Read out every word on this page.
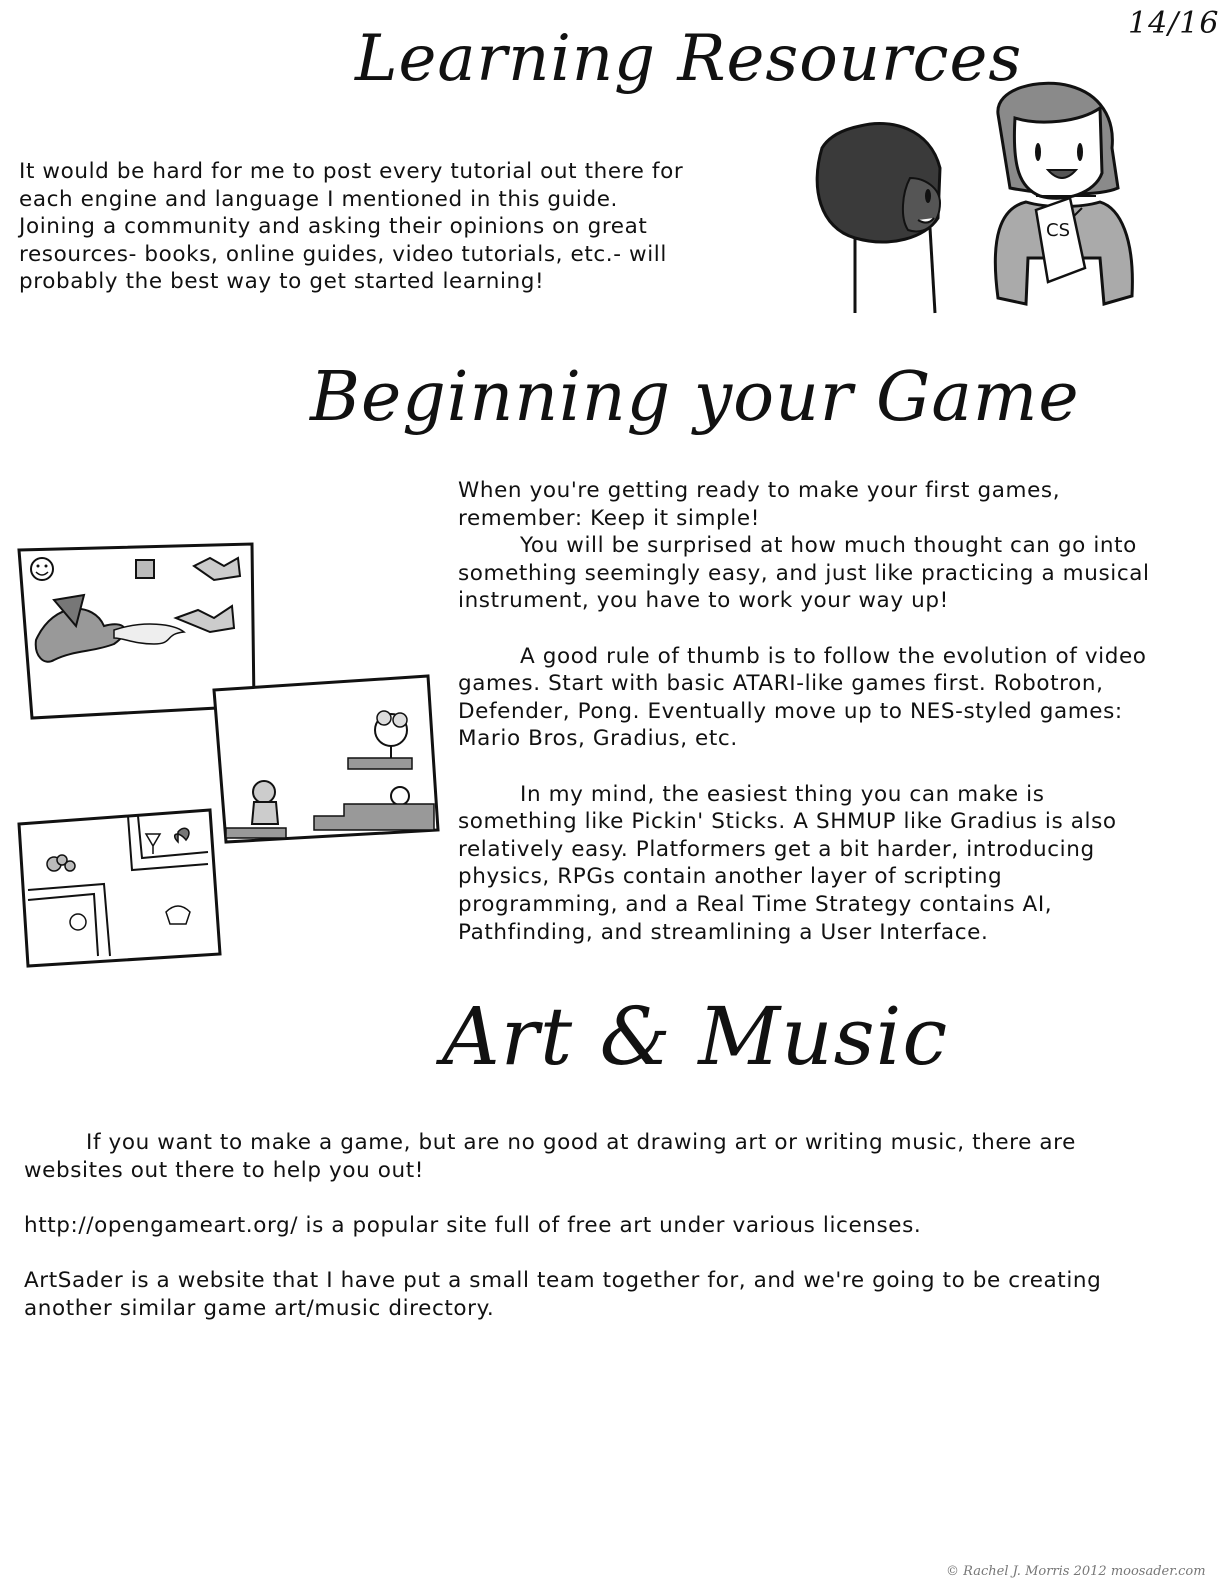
14/16
Learning Resources

It would be hard for me to post every tutorial out there for
each engine and language I mentioned in this guide.
Joining a community and asking their opinions on great
resources- books, online guides, video tutorials, etc.- will
probably the best way to get started learning!

CS
Beginning your Game

When you're getting ready to make your first games,
remember: Keep it simple!

You will be surprised at how much thought can go into
something seemingly easy, and just like practicing a musical
instrument, you have to work your way up!

A good rule of thumb is to follow the evolution of video
games. Start with basic ATARI-like games first. Robotron,
Defender, Pong. Eventually move up to NES-styled games:
Mario Bros, Gradius, etc.

In my mind, the easiest thing you can make is
something like Pickin' Sticks. A SHMUP like Gradius is also
relatively easy. Platformers get a bit harder, introducing
physics, RPGs contain another layer of scripting
programming, and a Real Time Strategy contains AI,
Pathfinding, and streamlining a User Interface.

Art & Music

If you want to make a game, but are no good at drawing art or writing music, there are
websites out there to help you out!

http://opengameart.org/ is a popular site full of free art under various licenses.

ArtSader is a website that I have put a small team together for, and we're going to be creating
another similar game art/music directory.

© Rachel J. Morris 2012 moosader.com
